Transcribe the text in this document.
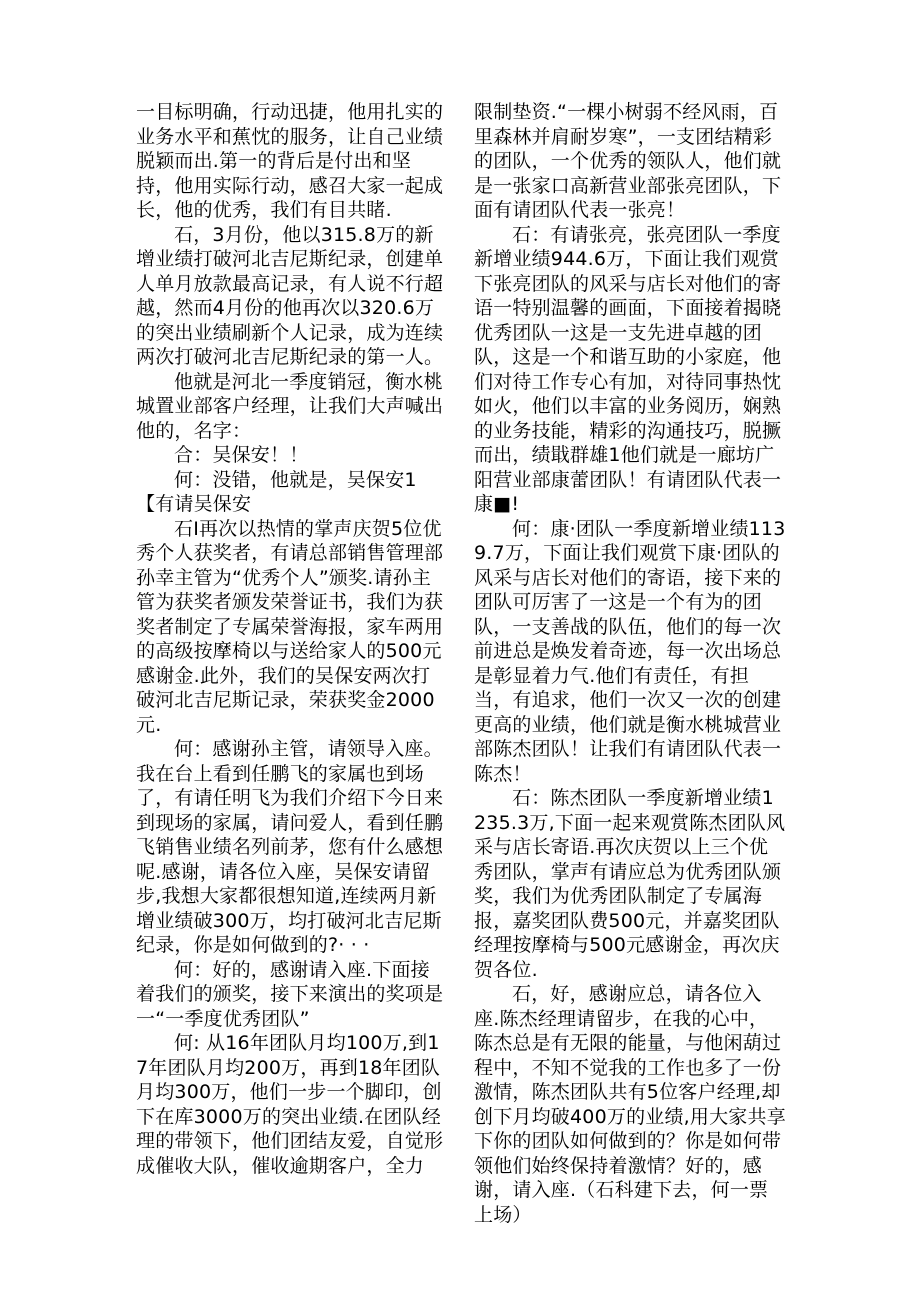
一目标明确，行动迅捷，他用扎实的业务水平和蕉忱的服务，让自己业绩脱颖而出.第一的背后是付出和坚持，他用实际行动，感召大家一起成长，他的优秀，我们有目共睹.

石，3月份，他以315.8万的新增业绩打破河北吉尼斯纪录，创建单人单月放款最高记录，有人说不行超越，然而4月份的他再次以320.6万的突出业绩刷新个人记录，成为连续两次打破河北吉尼斯纪录的第一人。

他就是河北一季度销冠，衡水桃城置业部客户经理，让我们大声喊出他的，名字：

合：吴保安！！

何：没错，他就是，吴保安1

【有请吴保安

石I再次以热情的掌声庆贺5位优秀个人获奖者，有请总部销售管理部孙幸主管为“优秀个人”颁奖.请孙主管为获奖者颁发荣誉证书，我们为获奖者制定了专属荣誉海报，家车两用的高级按摩椅以与送给家人的500元感谢金.此外，我们的吴保安两次打破河北吉尼斯记录，荣获奖金2000元.

何：感谢孙主管，请领导入座。我在台上看到任鹏飞的家属也到场了，有请任明飞为我们介绍下今日来到现场的家属，请问爱人，看到任鹏飞销售业绩名列前茅，您有什么感想呢.感谢，请各位入座，吴保安请留步,我想大家都很想知道,连续两月新增业绩破300万，均打破河北吉尼斯纪录，你是如何做到的?· · ·

何：好的，感谢请入座.下面接着我们的颁奖，接下来演出的奖项是一“一季度优秀团队”

何: 从16年团队月均100万,到17年团队月均200万，再到18年团队月均300万，他们一步一个脚印，创下在库3000万的突出业绩.在团队经理的带领下，他们团结友爱，自觉形成催收大队，催收逾期客户，全力

限制垫资.“一棵小树弱不经风雨，百里森林并肩耐岁寒”，一支团结精彩的团队，一个优秀的领队人，他们就是一张家口高新营业部张亮团队，下面有请团队代表一张亮！

石：有请张亮，张亮团队一季度新增业绩944.6万，下面让我们观赏下张亮团队的风采与店长对他们的寄语一特别温馨的画面，下面接着揭晓优秀团队一这是一支先进卓越的团队，这是一个和谐互助的小家庭，他们对待工作专心有加，对待同事热忱如火，他们以丰富的业务阅历，娴熟的业务技能，精彩的沟通技巧，脱撅而出，绩戢群雄1他们就是一廊坊广阳营业部康蕾团队！有请团队代表一康■!

何：康·团队一季度新增业绩1139.7万，下面让我们观赏下康·团队的风采与店长对他们的寄语，接下来的团队可厉害了一这是一个有为的团队，一支善战的队伍，他们的每一次前进总是焕发着奇迹，每一次出场总是彰显着力气.他们有责任，有担当，有追求，他们一次又一次的创建更高的业绩，他们就是衡水桃城营业部陈杰团队！让我们有请团队代表一陈杰！

石：陈杰团队一季度新增业绩1235.3万,下面一起来观赏陈杰团队风采与店长寄语.再次庆贺以上三个优秀团队，掌声有请应总为优秀团队颁奖，我们为优秀团队制定了专属海报，嘉奖团队费500元，并嘉奖团队经理按摩椅与500元感谢金，再次庆贺各位.

石，好，感谢应总，请各位入座.陈杰经理请留步，在我的心中，陈杰总是有无限的能量，与他闲葫过程中，不知不觉我的工作也多了一份激情，陈杰团队共有5位客户经理,却创下月均破400万的业绩,用大家共享下你的团队如何做到的？你是如何带领他们始终保持着激情？好的，感谢，请入座.（石科建下去，何一票上场）
